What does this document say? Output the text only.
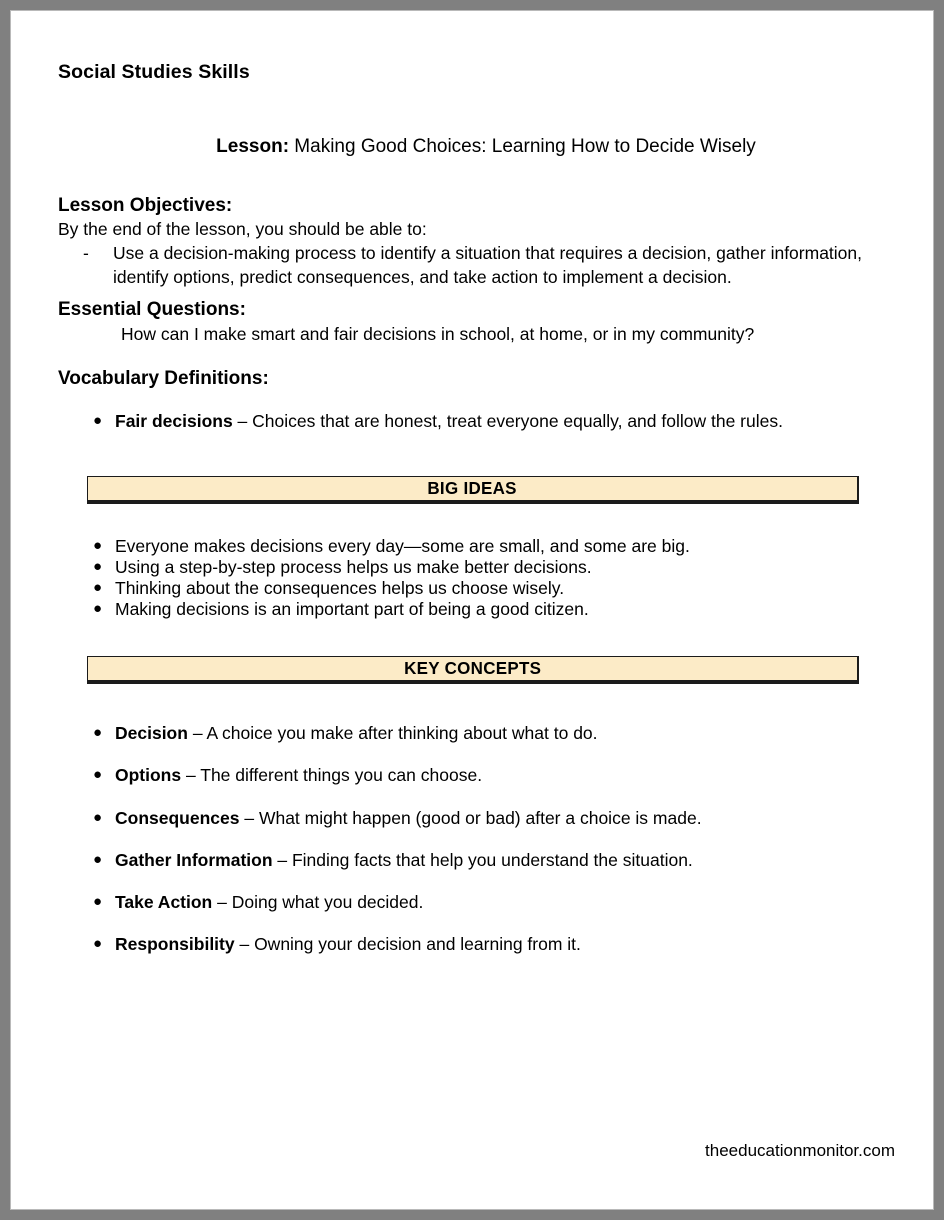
Social Studies Skills
Lesson: Making Good Choices: Learning How to Decide Wisely
Lesson Objectives:
By the end of the lesson, you should be able to:
-	Use a decision-making process to identify a situation that requires a decision, gather information, identify options, predict consequences, and take action to implement a decision.
Essential Questions:
How can I make smart and fair decisions in school, at home, or in my community?
Vocabulary Definitions:
● Fair decisions – Choices that are honest, treat everyone equally, and follow the rules.
BIG IDEAS
● Everyone makes decisions every day—some are small, and some are big.
● Using a step-by-step process helps us make better decisions.
● Thinking about the consequences helps us choose wisely.
● Making decisions is an important part of being a good citizen.
KEY CONCEPTS
● Decision – A choice you make after thinking about what to do.
● Options – The different things you can choose.
● Consequences – What might happen (good or bad) after a choice is made.
● Gather Information – Finding facts that help you understand the situation.
● Take Action – Doing what you decided.
● Responsibility – Owning your decision and learning from it.
theeducationmonitor.com
